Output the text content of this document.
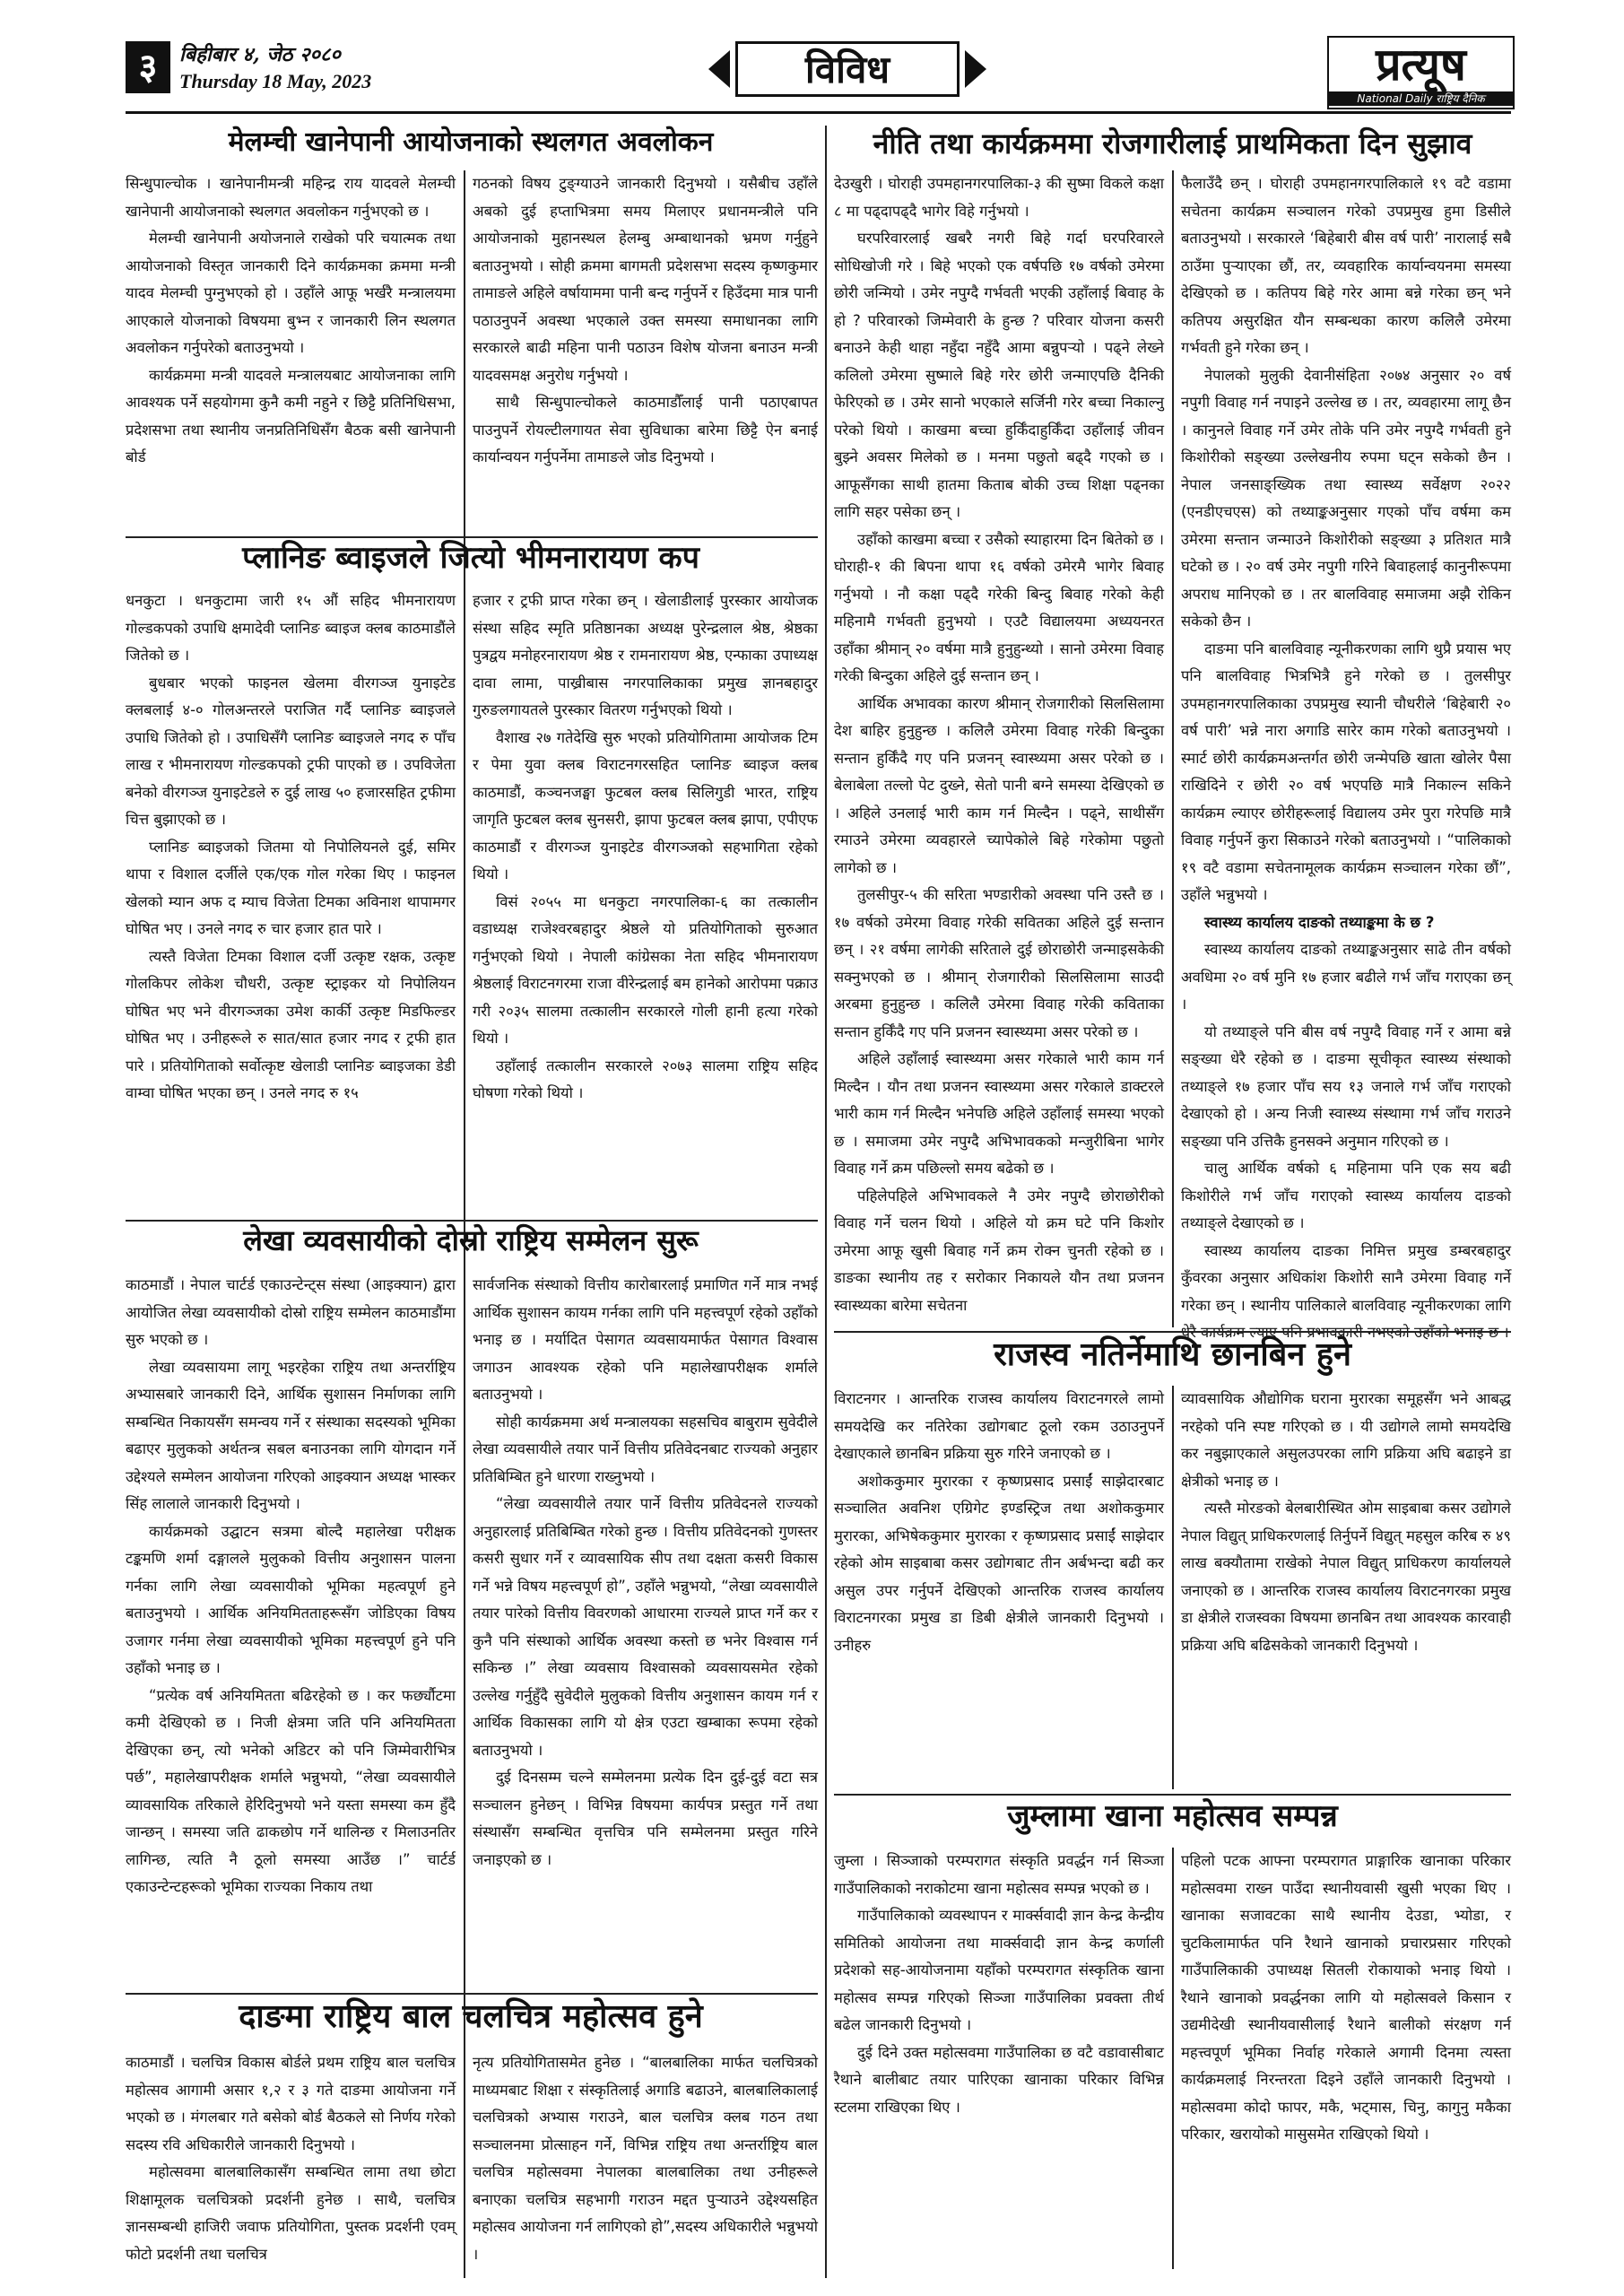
३	बिहीबार ४, जेठ २०८०
Thursday 18 May, 2023	विविध	प्रत्यूष
National Daily राष्ट्रिय दैनिक
मेलम्ची खानेपानी आयोजनाको स्थलगत अवलोकन

सिन्धुपाल्चोक । खानेपानीमन्त्री महिन्द्र राय यादवले मेलम्ची खानेपानी आयोजनाको स्थलगत अवलोकन गर्नुभएको छ ।

मेलम्ची खानेपानी अयोजनाले राखेको परि चयात्मक तथा आयोजनाको विस्तृत जानकारी दिने कार्यक्रमका क्रममा मन्त्री यादव मेलम्ची पुग्नुभएको हो । उहाँले आफू भर्खरै मन्त्रालयमा आएकाले योजनाको विषयमा बुभ्न र जानकारी लिन स्थलगत अवलोकन गर्नुपरेको बताउनुभयो ।

कार्यक्रममा मन्त्री यादवले मन्त्रालयबाट आयोजनाका लागि आवश्यक पर्ने सहयोगमा कुनै कमी नहुने र छिट्टै प्रतिनिधिसभा, प्रदेशसभा तथा स्थानीय जनप्रतिनिधिसँग बैठक बसी खानेपानी बोर्ड

गठनको विषय टुङ्ग्याउने जानकारी दिनुभयो । यसैबीच उहाँले अबको दुई हप्ताभित्रमा समय मिलाएर प्रधानमन्त्रीले पनि आयोजनाको मुहानस्थल हेलम्बु अम्बाथानको भ्रमण गर्नुहुने बताउनुभयो । सोही क्रममा बागमती प्रदेशसभा सदस्य कृष्णकुमार तामाङले अहिले वर्षायाममा पानी बन्द गर्नुपर्ने र हिउँदमा मात्र पानी पठाउनुपर्ने अवस्था भएकाले उक्त समस्या समाधानका लागि सरकारले बाढी महिना पानी पठाउन विशेष योजना बनाउन मन्त्री यादवसमक्ष अनुरोध गर्नुभयो ।

साथै सिन्धुपाल्चोकले काठमाडौँलाई पानी पठाएबापत पाउनुपर्ने रोयल्टीलगायत सेवा सुविधाका बारेमा छिट्टै ऐन बनाई कार्यान्वयन गर्नुपर्नेमा तामाङले जोड दिनुभयो ।

प्लानिङ ब्वाइजले जित्यो भीमनारायण कप

धनकुटा । धनकुटामा जारी १५ औं सहिद भीमनारायण गोल्डकपको उपाधि क्षमादेवी प्लानिङ ब्वाइज क्लब काठमाडौंले जितेको छ ।

बुधबार भएको फाइनल खेलमा वीरगञ्ज युनाइटेड क्लबलाई ४-० गोलअन्तरले पराजित गर्दै प्लानिङ ब्वाइजले उपाधि जितेको हो । उपाधिसँगै प्लानिङ ब्वाइजले नगद रु पाँच लाख र भीमनारायण गोल्डकपको ट्रफी पाएको छ । उपविजेता बनेको वीरगञ्ज युनाइटेडले रु दुई लाख ५० हजारसहित ट्रफीमा चित्त बुझाएको छ ।

प्लानिङ ब्वाइजको जितमा यो निपोलियनले दुई, समिर थापा र विशाल दर्जीले एक/एक गोल गरेका थिए । फाइनल खेलको म्यान अफ द म्याच विजेता टिमका अविनाश थापामगर घोषित भए । उनले नगद रु चार हजार हात पारे ।

त्यस्तै विजेता टिमका विशाल दर्जी उत्कृष्ट रक्षक, उत्कृष्ट गोलकिपर लोकेश चौधरी, उत्कृष्ट स्ट्राइकर यो निपोलियन घोषित भए भने वीरगञ्जका उमेश कार्की उत्कृष्ट मिडफिल्डर घोषित भए । उनीहरूले रु सात/सात हजार नगद र ट्रफी हात पारे । प्रतियोगिताको सर्वोत्कृष्ट खेलाडी प्लानिङ ब्वाइजका डेडी वाम्वा घोषित भएका छन् । उनले नगद रु १५

हजार र ट्रफी प्राप्त गरेका छन् । खेलाडीलाई पुरस्कार आयोजक संस्था सहिद स्मृति प्रतिष्ठानका अध्यक्ष पुरेन्द्रलाल श्रेष्ठ, श्रेष्ठका पुत्रद्वय मनोहरनारायण श्रेष्ठ र रामनारायण श्रेष्ठ, एन्फाका उपाध्यक्ष दावा लामा, पाख्रीबास नगरपालिकाका प्रमुख ज्ञानबहादुर गुरुङलगायतले पुरस्कार वितरण गर्नुभएको थियो ।

वैशाख २७ गतेदेखि सुरु भएको प्रतियोगितामा आयोजक टिम र पेमा युवा क्लब विराटनगरसहित प्लानिङ ब्वाइज क्लब काठमाडौं, कञ्चनजङ्घा फुटबल क्लब सिलिगुडी भारत, राष्ट्रिय जागृति फुटबल क्लब सुनसरी, झापा फुटबल क्लब झापा, एपीएफ काठमाडौं र वीरगञ्ज युनाइटेड वीरगञ्जको सहभागिता रहेको थियो ।

विसं २०५५ मा धनकुटा नगरपालिका-६ का तत्कालीन वडाध्यक्ष राजेश्वरबहादुर श्रेष्ठले यो प्रतियोगिताको सुरुआत गर्नुभएको थियो । नेपाली कांग्रेसका नेता सहिद भीमनारायण श्रेष्ठलाई विराटनगरमा राजा वीरेन्द्रलाई बम हानेको आरोपमा पक्राउ गरी २०३५ सालमा तत्कालीन सरकारले गोली हानी हत्या गरेको थियो ।

उहाँलाई तत्कालीन सरकारले २०७३ सालमा राष्ट्रिय सहिद घोषणा गरेको थियो ।

लेखा व्यवसायीको दोस्रो राष्ट्रिय सम्मेलन सुरू

काठमाडौं । नेपाल चार्टर्ड एकाउन्टेन्ट्स संस्था (आइक्यान) द्वारा आयोजित लेखा व्यवसायीको दोस्रो राष्ट्रिय सम्मेलन काठमाडौंमा सुरु भएको छ ।

लेखा व्यवसायमा लागू भइरहेका राष्ट्रिय तथा अन्तर्राष्ट्रिय अभ्यासबारे जानकारी दिने, आर्थिक सुशासन निर्माणका लागि सम्बन्धित निकायसँग समन्वय गर्ने र संस्थाका सदस्यको भूमिका बढाएर मुलुकको अर्थतन्त्र सबल बनाउनका लागि योगदान गर्ने उद्देश्यले सम्मेलन आयोजना गरिएको आइक्यान अध्यक्ष भास्कर सिंह लालाले जानकारी दिनुभयो ।

कार्यक्रमको उद्घाटन सत्रमा बोल्दै महालेखा परीक्षक टङ्कमणि शर्मा दङ्गालले मुलुकको वित्तीय अनुशासन पालना गर्नका लागि लेखा व्यवसायीको भूमिका महत्वपूर्ण हुने बताउनुभयो । आर्थिक अनियमितताहरूसँग जोडिएका विषय उजागर गर्नमा लेखा व्यवसायीको भूमिका महत्त्वपूर्ण हुने पनि उहाँको भनाइ छ ।

“प्रत्येक वर्ष अनियमितता बढिरहेको छ । कर फर्छ्यौटमा कमी देखिएको छ । निजी क्षेत्रमा जति पनि अनियमितता देखिएका छन्, त्यो भनेको अडिटर को पनि जिम्मेवारीभित्र पर्छ”, महालेखापरीक्षक शर्माले भन्नुभयो, “लेखा व्यवसायीले व्यावसायिक तरिकाले हेरिदिनुभयो भने यस्ता समस्या कम हुँदै जान्छन् । समस्या जति ढाकछोप गर्ने थालिन्छ र मिलाउनतिर लागिन्छ, त्यति नै ठूलो समस्या आउँछ ।” चार्टर्ड एकाउन्टेन्टहरूको भूमिका राज्यका निकाय तथा

सार्वजनिक संस्थाको वित्तीय कारोबारलाई प्रमाणित गर्ने मात्र नभई आर्थिक सुशासन कायम गर्नका लागि पनि महत्त्वपूर्ण रहेको उहाँको भनाइ छ । मर्यादित पेसागत व्यवसायमार्फत पेसागत विश्वास जगाउन आवश्यक रहेको पनि महालेखापरीक्षक शर्माले बताउनुभयो ।

सोही कार्यक्रममा अर्थ मन्त्रालयका सहसचिव बाबुराम सुवेदीले लेखा व्यवसायीले तयार पार्ने वित्तीय प्रतिवेदनबाट राज्यको अनुहार प्रतिबिम्बित हुने धारणा राख्नुभयो ।

“लेखा व्यवसायीले तयार पार्ने वित्तीय प्रतिवेदनले राज्यको अनुहारलाई प्रतिबिम्बित गरेको हुन्छ । वित्तीय प्रतिवेदनको गुणस्तर कसरी सुधार गर्ने र व्यावसायिक सीप तथा दक्षता कसरी विकास गर्ने भन्ने विषय महत्त्वपूर्ण हो”, उहाँले भन्नुभयो, “लेखा व्यवसायीले तयार पारेको वित्तीय विवरणको आधारमा राज्यले प्राप्त गर्ने कर र कुनै पनि संस्थाको आर्थिक अवस्था कस्तो छ भनेर विश्वास गर्न सकिन्छ ।” लेखा व्यवसाय विश्वासको व्यवसायसमेत रहेको उल्लेख गर्नुहुँदै सुवेदीले मुलुकको वित्तीय अनुशासन कायम गर्न र आर्थिक विकासका लागि यो क्षेत्र एउटा खम्बाका रूपमा रहेको बताउनुभयो ।

दुई दिनसम्म चल्ने सम्मेलनमा प्रत्येक दिन दुई-दुई वटा सत्र सञ्चालन हुनेछन् । विभिन्न विषयमा कार्यपत्र प्रस्तुत गर्ने तथा संस्थासँग सम्बन्धित वृत्तचित्र पनि सम्मेलनमा प्रस्तुत गरिने जनाइएको छ ।

दाङमा राष्ट्रिय बाल चलचित्र महोत्सव हुने

काठमाडौं । चलचित्र विकास बोर्डले प्रथम राष्ट्रिय बाल चलचित्र महोत्सव आगामी असार १,२ र ३ गते दाङमा आयोजना गर्ने भएको छ । मंगलबार गते बसेको बोर्ड बैठकले सो निर्णय गरेको सदस्य रवि अधिकारीले जानकारी दिनुभयो ।

महोत्सवमा बालबालिकासँग सम्बन्धित लामा तथा छोटा शिक्षामूलक चलचित्रको प्रदर्शनी हुनेछ । साथै, चलचित्र ज्ञानसम्बन्धी हाजिरी जवाफ प्रतियोगिता, पुस्तक प्रदर्शनी एवम् फोटो प्रदर्शनी तथा चलचित्र

नृत्य प्रतियोगितासमेत हुनेछ । “बालबालिका मार्फत चलचित्रको माध्यमबाट शिक्षा र संस्कृतिलाई अगाडि बढाउने, बालबालिकालाई चलचित्रको अभ्यास गराउने, बाल चलचित्र क्लब गठन तथा सञ्चालनमा प्रोत्साहन गर्ने, विभिन्न राष्ट्रिय तथा अन्तर्राष्ट्रिय बाल चलचित्र महोत्सवमा नेपालका बालबालिका तथा उनीहरूले बनाएका चलचित्र सहभागी गराउन मद्दत पुऱ्याउने उद्देश्यसहित महोत्सव आयोजना गर्न लागिएको हो”,सदस्य अधिकारीले भन्नुभयो ।

नीति तथा कार्यक्रममा रोजगारीलाई प्राथमिकता दिन सुझाव

देउखुरी । घोराही उपमहानगरपालिका-३ की सुष्मा विकले कक्षा ८ मा पढ्दापढ्दै भागेर विहे गर्नुभयो ।

घरपरिवारलाई खबरै नगरी बिहे गर्दा घरपरिवारले सोधिखोजी गरे । बिहे भएको एक वर्षपछि १७ वर्षको उमेरमा छोरी जन्मियो । उमेर नपुग्दै गर्भवती भएकी उहाँलाई बिवाह के हो ? परिवारको जिम्मेवारी के हुन्छ ? परिवार योजना कसरी बनाउने केही थाहा नहुँदा नहुँदै आमा बन्नुपर्‍यो । पढ्ने लेख्ने कलिलो उमेरमा सुष्माले बिहे गरेर छोरी जन्माएपछि दैनिकी फेरिएको छ । उमेर सानो भएकाले सर्जिनी गरेर बच्चा निकाल्नु परेको थियो । काखमा बच्चा हुर्किँदाहुर्किँदा उहाँलाई जीवन बुझ्ने अवसर मिलेको छ । मनमा पछुतो बढ्दै गएको छ । आफूसँगका साथी हातमा किताब बोकी उच्च शिक्षा पढ्नका लागि सहर पसेका छन् ।

उहाँको काखमा बच्चा र उसैको स्याहारमा दिन बितेको छ । घोराही-१ की बिपना थापा १६ वर्षको उमेरमै भागेर बिवाह गर्नुभयो । नौ कक्षा पढ्दै गरेकी बिन्दु बिवाह गरेको केही महिनामै गर्भवती हुनुभयो । एउटै विद्यालयमा अध्ययनरत उहाँका श्रीमान् २० वर्षमा मात्रै हुनुहुन्थ्यो । सानो उमेरमा विवाह गरेकी बिन्दुका अहिले दुई सन्तान छन् ।

आर्थिक अभावका कारण श्रीमान् रोजगारीको सिलसिलामा देश बाहिर हुनुहुन्छ । कलिलै उमेरमा विवाह गरेकी बिन्दुका सन्तान हुर्किँदै गए पनि प्रजनन् स्वास्थ्यमा असर परेको छ । बेलाबेला तल्लो पेट दुख्ने, सेतो पानी बग्ने समस्या देखिएको छ । अहिले उनलाई भारी काम गर्न मिल्दैन । पढ्ने, साथीसँग रमाउने उमेरमा व्यवहारले च्यापेकोले बिहे गरेकोमा पछुतो लागेको छ ।

तुलसीपुर-५ की सरिता भण्डारीको अवस्था पनि उस्तै छ । १७ वर्षको उमेरमा विवाह गरेकी सवितका अहिले दुई सन्तान छन् । २१ वर्षमा लागेकी सरिताले दुई छोराछोरी जन्माइसकेकी सक्नुभएको छ । श्रीमान् रोजगारीको सिलसिलामा साउदी अरबमा हुनुहुन्छ । कलिलै उमेरमा विवाह गरेकी कविताका सन्तान हुर्किँदै गए पनि प्रजनन स्वास्थ्यमा असर परेको छ ।

अहिले उहाँलाई स्वास्थ्यमा असर गरेकाले भारी काम गर्न मिल्दैन । यौन तथा प्रजनन स्वास्थ्यमा असर गरेकाले डाक्टरले भारी काम गर्न मिल्दैन भनेपछि अहिले उहाँलाई समस्या भएको छ । समाजमा उमेर नपुग्दै अभिभावकको मन्जुरीबिना भागेर विवाह गर्ने क्रम पछिल्लो समय बढेको छ ।

पहिलेपहिले अभिभावकले नै उमेर नपुग्दै छोराछोरीको विवाह गर्ने चलन थियो । अहिले यो क्रम घटे पनि किशोर उमेरमा आफू खुसी बिवाह गर्ने क्रम रोक्न चुनती रहेको छ । डाङका स्थानीय तह र सरोकार निकायले यौन तथा प्रजनन स्वास्थ्यका बारेमा सचेतना

फैलाउँदै छन् । घोराही उपमहानगरपालिकाले १९ वटै वडामा सचेतना कार्यक्रम सञ्चालन गरेको उपप्रमुख हुमा डिसीले बताउनुभयो । सरकारले ‘बिहेबारी बीस वर्ष पारी’ नारालाई सबै ठाउँमा पुऱ्याएका छौं, तर, व्यवहारिक कार्यान्वयनमा समस्या देखिएको छ । कतिपय बिहे गरेर आमा बन्ने गरेका छन् भने कतिपय असुरक्षित यौन सम्बन्धका कारण कलिलै उमेरमा गर्भवती हुने गरेका छन् ।

नेपालको मुलुकी देवानीसंहिता २०७४ अनुसार २० वर्ष नपुगी विवाह गर्न नपाइने उल्लेख छ । तर, व्यवहारमा लागू छैन । कानुनले विवाह गर्ने उमेर तोके पनि उमेर नपुग्दै गर्भवती हुने किशोरीको सङ्ख्या उल्लेखनीय रुपमा घट्न सकेको छैन । नेपाल जनसाङ्ख्यिक तथा स्वास्थ्य सर्वेक्षण २०२२ (एनडीएचएस) को तथ्याङ्कअनुसार गएको पाँच वर्षमा कम उमेरमा सन्तान जन्माउने किशोरीको सङ्ख्या ३ प्रतिशत मात्रै घटेको छ । २० वर्ष उमेर नपुगी गरिने बिवाहलाई कानुनीरूपमा अपराध मानिएको छ । तर बालविवाह समाजमा अझै रोकिन सकेको छैन ।

दाङमा पनि बालविवाह न्यूनीकरणका लागि थुप्रै प्रयास भए पनि बालविवाह भित्रभित्रै हुने गरेको छ । तुलसीपुर उपमहानगरपालिकाका उपप्रमुख स्यानी चौधरीले ‘बिहेबारी २० वर्ष पारी’ भन्ने नारा अगाडि सारेर काम गरेको बताउनुभयो । स्मार्ट छोरी कार्यक्रमअन्तर्गत छोरी जन्मेपछि खाता खोलेर पैसा राखिदिने र छोरी २० वर्ष भएपछि मात्रै निकाल्न सकिने कार्यक्रम ल्याएर छोरीहरूलाई विद्यालय उमेर पुरा गरेपछि मात्रै विवाह गर्नुपर्ने कुरा सिकाउने गरेको बताउनुभयो । “पालिकाको १९ वटै वडामा सचेतनामूलक कार्यक्रम सञ्चालन गरेका छौं”, उहाँले भन्नुभयो ।

स्वास्थ्य कार्यालय दाङको तथ्याङ्कमा के छ ?

स्वास्थ्य कार्यालय दाङको तथ्याङ्कअनुसार साढे तीन वर्षको अवधिमा २० वर्ष मुनि १७ हजार बढीले गर्भ जाँच गराएका छन् ।

यो तथ्याङ्ले पनि बीस वर्ष नपुग्दै विवाह गर्ने र आमा बन्ने सङ्ख्या धेरै रहेको छ । दाङमा सूचीकृत स्वास्थ्य संस्थाको तथ्याङ्ले १७ हजार पाँच सय १३ जनाले गर्भ जाँच गराएको देखाएको हो । अन्य निजी स्वास्थ्य संस्थामा गर्भ जाँच गराउने सङ्ख्या पनि उत्तिकै हुनसक्ने अनुमान गरिएको छ ।

चालु आर्थिक वर्षको ६ महिनामा पनि एक सय बढी किशोरीले गर्भ जाँच गराएको स्वास्थ्य कार्यालय दाङको तथ्याङ्ले देखाएको छ ।

स्वास्थ्य कार्यालय दाङका निमित्त प्रमुख डम्बरबहादुर कुँवरका अनुसार अधिकांश किशोरी सानै उमेरमा विवाह गर्ने गरेका छन् । स्थानीय पालिकाले बालविवाह न्यूनीकरणका लागि

राजस्व नतिर्नेमाथि छानबिन हुने

विराटनगर । आन्तरिक राजस्व कार्यालय विराटनगरले लामो समयदेखि कर नतिरेका उद्योगबाट ठूलो रकम उठाउनुपर्ने देखाएकाले छानबिन प्रक्रिया सुरु गरिने जनाएको छ ।

अशोककुमार मुरारका र कृष्णप्रसाद प्रसाईं साझेदारबाट सञ्चालित अवनिश एग्रिगेट इण्डस्ट्रिज तथा अशोककुमार मुरारका, अभिषेककुमार मुरारका र कृष्णप्रसाद प्रसाईं साझेदार रहेको ओम साइबाबा कसर उद्योगबाट तीन अर्बभन्दा बढी कर असुल उपर गर्नुपर्ने देखिएको आन्तरिक राजस्व कार्यालय विराटनगरका प्रमुख डा डिबी क्षेत्रीले जानकारी दिनुभयो । उनीहरु

व्यावसायिक औद्योगिक घराना मुरारका समूहसँग भने आबद्ध नरहेको पनि स्पष्ट गरिएको छ । यी उद्योगले लामो समयदेखि कर नबुझाएकाले असुलउपरका लागि प्रक्रिया अघि बढाइने डा क्षेत्रीको भनाइ छ ।

त्यस्तै मोरङको बेलबारीस्थित ओम साइबाबा कसर उद्योगले नेपाल विद्युत् प्राधिकरणलाई तिर्नुपर्ने विद्युत् महसुल करिब रु ४९ लाख बक्यौतामा राखेको नेपाल विद्युत् प्राधिकरण कार्यालयले जनाएको छ । आन्तरिक राजस्व कार्यालय विराटनगरका प्रमुख डा क्षेत्रीले राजस्वका विषयमा छानबिन तथा आवश्यक कारवाही प्रक्रिया अघि बढिसकेको जानकारी दिनुभयो ।

जुम्लामा खाना महोत्सव सम्पन्न

जुम्ला । सिञ्जाको परम्परागत संस्कृति प्रवर्द्धन गर्न सिञ्जा गाउँपालिकाको नराकोटमा खाना महोत्सव सम्पन्न भएको छ ।

गाउँपालिकाको व्यवस्थापन र मार्क्सवादी ज्ञान केन्द्र केन्द्रीय समितिको आयोजना तथा मार्क्सवादी ज्ञान केन्द्र कर्णाली प्रदेशको सह-आयोजनामा यहाँको परम्परागत संस्कृतिक खाना महोत्सव सम्पन्न गरिएको सिञ्जा गाउँपालिका प्रवक्ता तीर्थ बढेल जानकारी दिनुभयो ।

दुई दिने उक्त महोत्सवमा गाउँपालिका छ वटै वडावासीबाट रैथाने बालीबाट तयार पारिएका खानाका परिकार विभिन्न स्टलमा राखिएका थिए ।

पहिलो पटक आफ्ना परम्परागत प्राङ्गारिक खानाका परिकार महोत्सवमा राख्न पाउँदा स्थानीयवासी खुसी भएका थिए । खानाका सजावटका साथै स्थानीय देउडा, भ्योडा, र चुटकिलामार्फत पनि रैथाने खानाको प्रचारप्रसार गरिएको गाउँपालिकाकी उपाध्यक्ष सितली रोकायाको भनाइ थियो । रैथाने खानाको प्रवर्द्धनका लागि यो महोत्सवले किसान र उद्यमीदेखी स्थानीयवासीलाई रैथाने बालीको संरक्षण गर्न महत्त्वपूर्ण भूमिका निर्वाह गरेकाले अगामी दिनमा त्यस्ता कार्यक्रमलाई निरन्तरता दिइने उहाँले जानकारी दिनुभयो । महोत्सवमा कोदो फापर, मकै, भट्मास, चिनु, कागुनु मकैका परिकार, खरायोको मासुसमेत राखिएको थियो ।
